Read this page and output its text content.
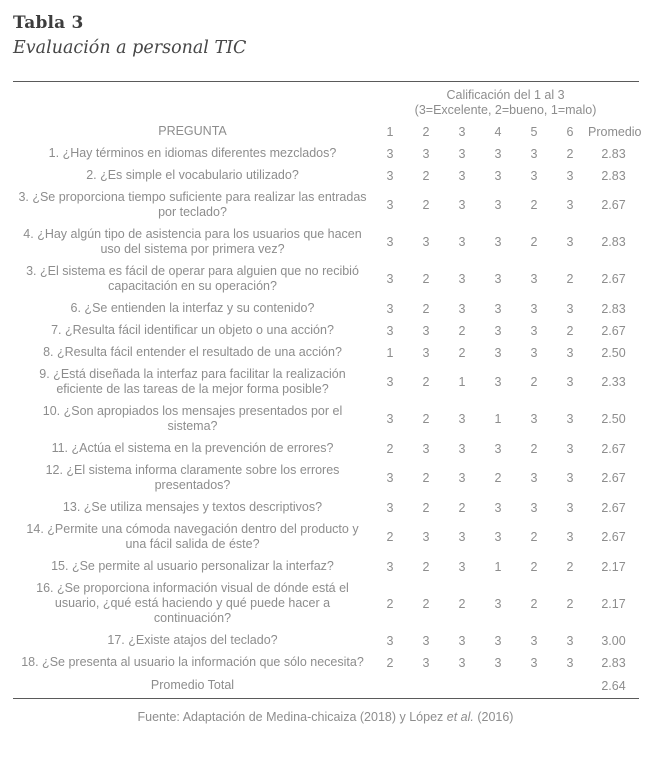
Tabla 3
Evaluación a personal TIC

	Calificación del 1 al 3
(3=Excelente, 2=bueno, 1=malo)						

PREGUNTA	1	2	3	4	5	6	Promedio
1. ¿Hay términos en idiomas diferentes mezclados?	3	3	3	3	3	2	2.83
2. ¿Es simple el vocabulario utilizado?	3	2	3	3	3	3	2.83
3. ¿Se proporciona tiempo suficiente para realizar las entradas por teclado?	3	2	3	3	2	3	2.67
4. ¿Hay algún tipo de asistencia para los usuarios que hacen uso del sistema por primera vez?	3	3	3	3	2	3	2.83
3. ¿El sistema es fácil de operar para alguien que no recibió capacitación en su operación?	3	2	3	3	3	2	2.67
6. ¿Se entienden la interfaz y su contenido?	3	2	3	3	3	3	2.83
7. ¿Resulta fácil identificar un objeto o una acción?	3	3	2	3	3	2	2.67
8. ¿Resulta fácil entender el resultado de una acción?	1	3	2	3	3	3	2.50
9. ¿Está diseñada la interfaz para facilitar la realización eficiente de las tareas de la mejor forma posible?	3	2	1	3	2	3	2.33
10. ¿Son apropiados los mensajes presentados por el sistema?	3	2	3	1	3	3	2.50
11. ¿Actúa el sistema en la prevención de errores?	2	3	3	3	2	3	2.67
12. ¿El sistema informa claramente sobre los errores presentados?	3	2	3	2	3	3	2.67
13. ¿Se utiliza mensajes y textos descriptivos?	3	2	2	3	3	3	2.67
14. ¿Permite una cómoda navegación dentro del producto y una fácil salida de éste?	2	3	3	3	2	3	2.67
15. ¿Se permite al usuario personalizar la interfaz?	3	2	3	1	2	2	2.17
16. ¿Se proporciona información visual de dónde está el usuario, ¿qué está haciendo y qué puede hacer a continuación?	2	2	2	3	2	2	2.17
17. ¿Existe atajos del teclado?	3	3	3	3	3	3	3.00
18. ¿Se presenta al usuario la información que sólo necesita?	2	3	3	3	3	3	2.83
Promedio Total							2.64
Fuente: Adaptación de Medina-chicaiza (2018) y López et al. (2016)
